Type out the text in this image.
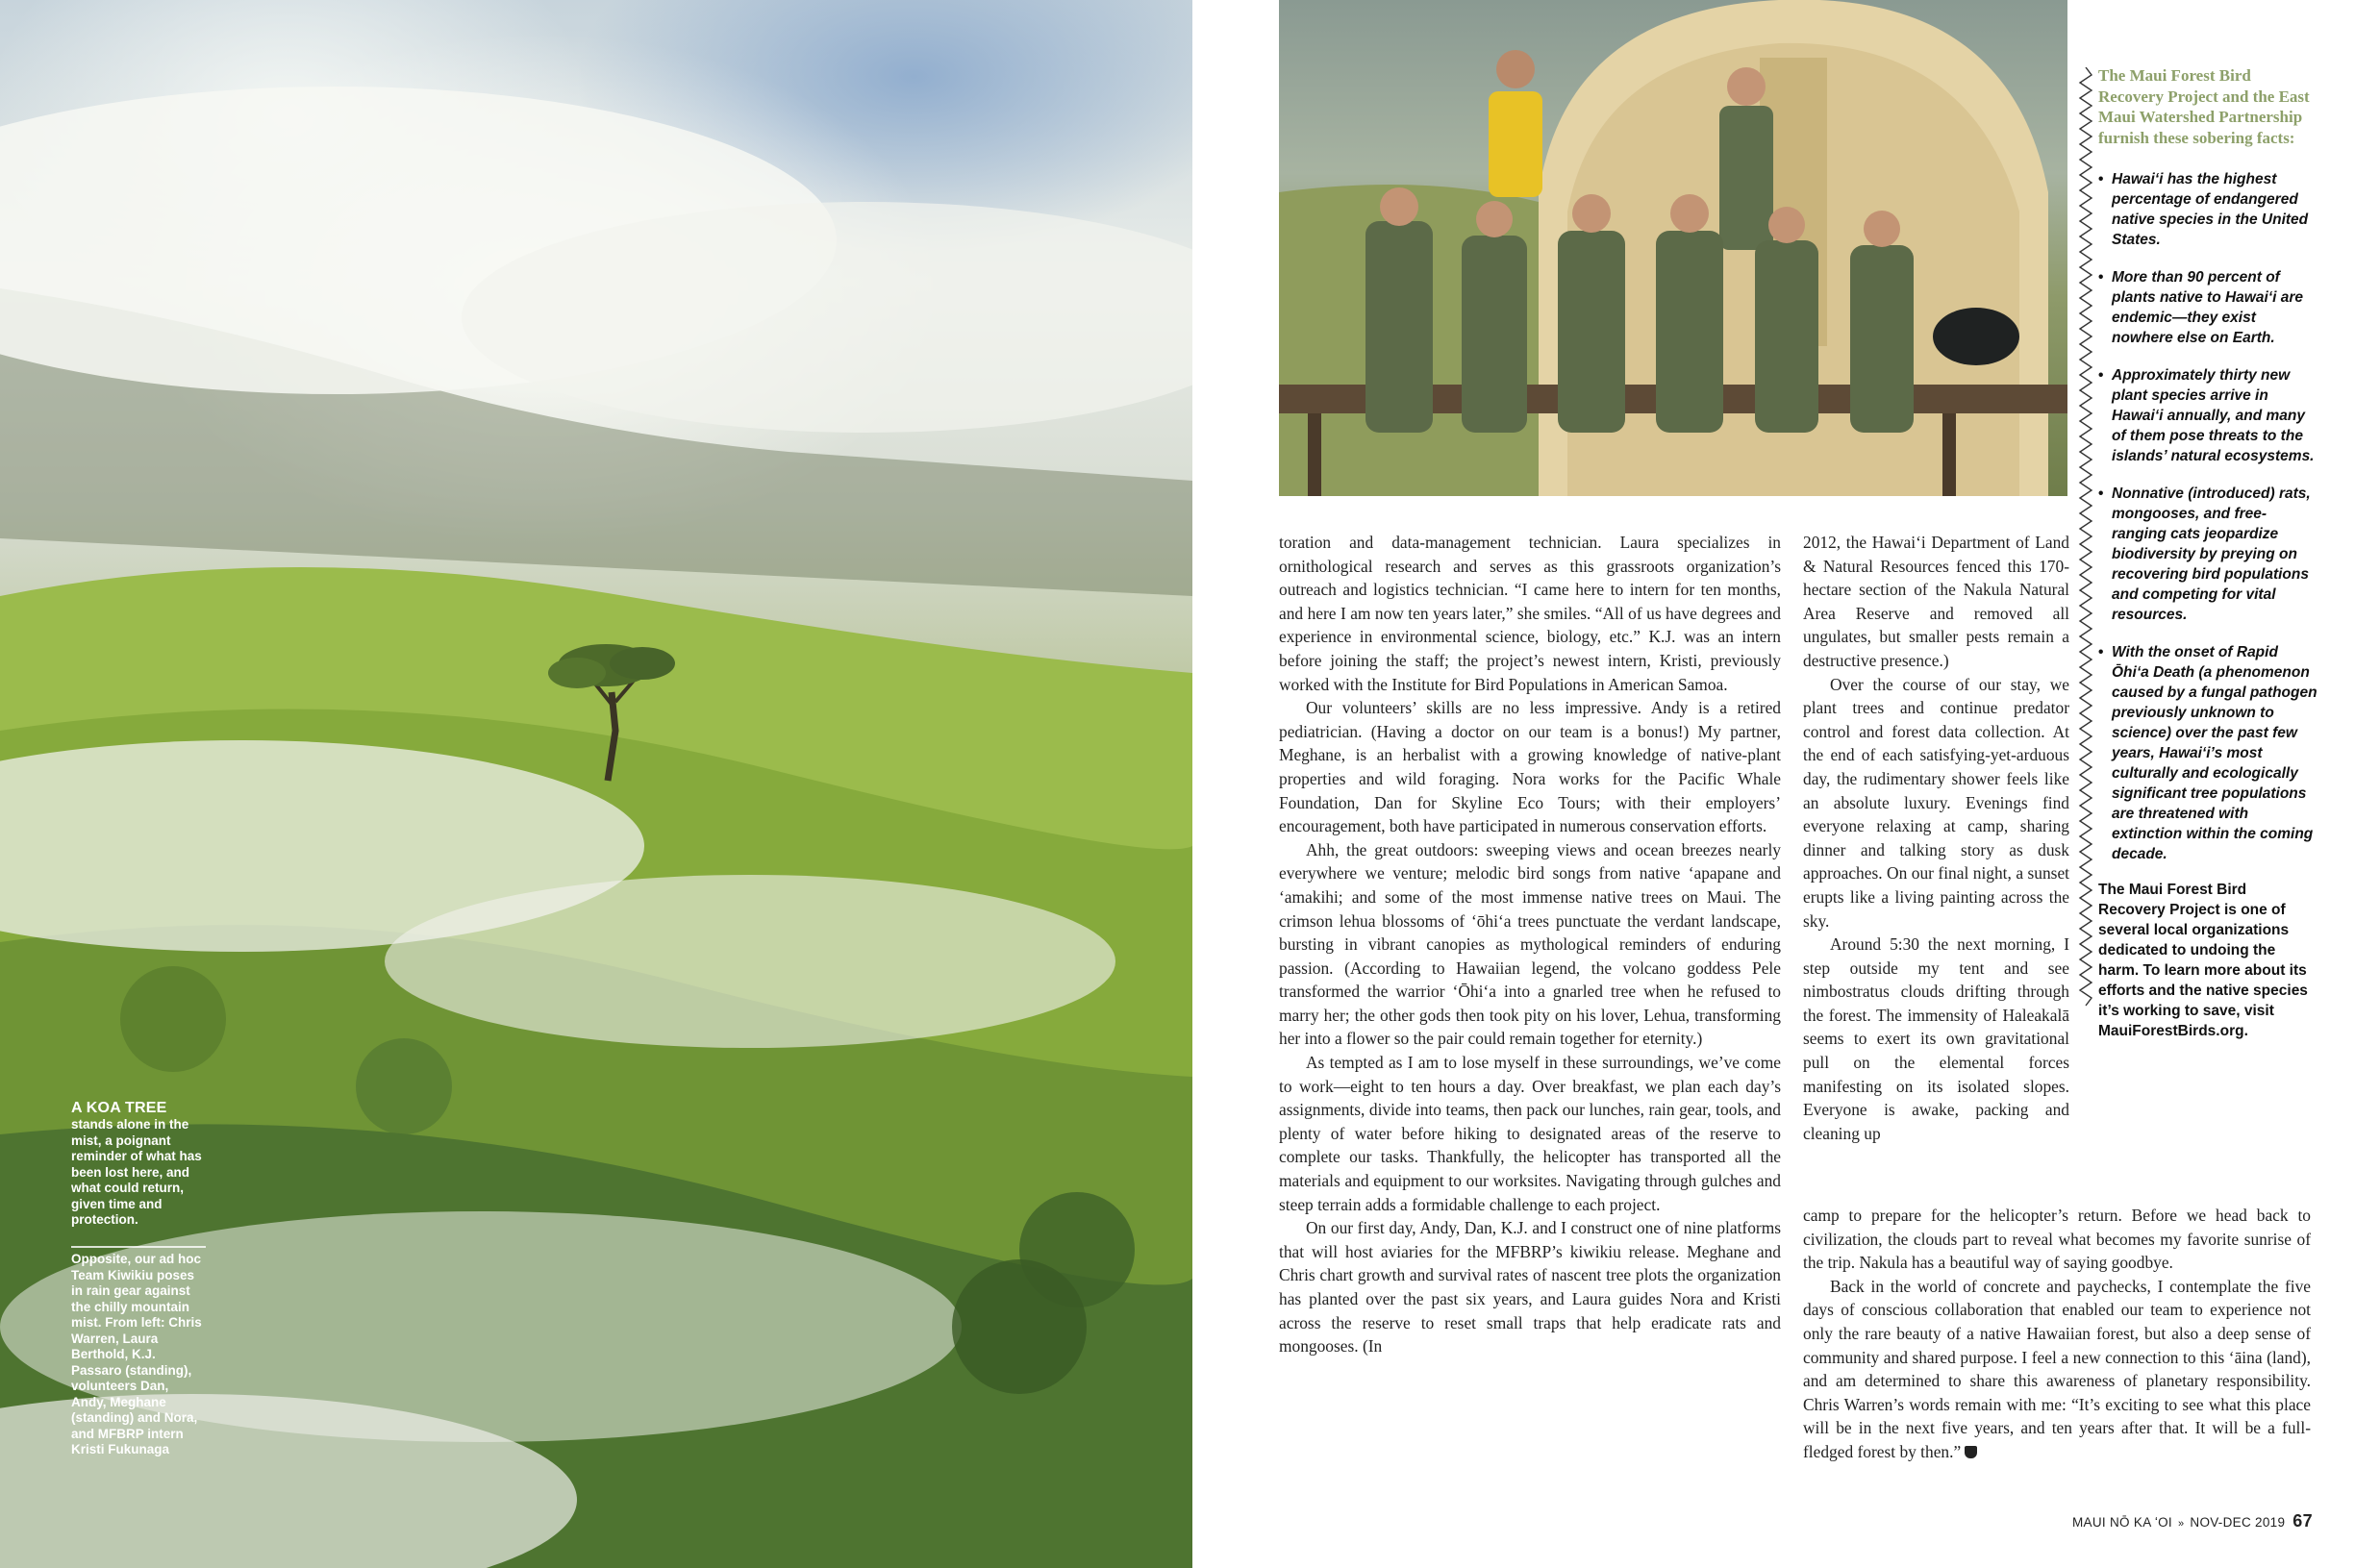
A KOA TREE
stands alone in the mist, a poignant reminder of what has been lost here, and what could return, given time and protection.
Opposite, our ad hoc Team Kiwikiu poses in rain gear against the chilly mountain mist. From left: Chris Warren, Laura Berthold, K.J. Passaro (standing), volunteers Dan, Andy, Meghane (standing) and Nora, and MFBRP intern Kristi Fukunaga

toration and data-management technician. Laura specializes in ornithological research and serves as this grassroots organization’s outreach and logistics technician. “I came here to intern for ten months, and here I am now ten years later,” she smiles. “All of us have degrees and experience in environmental science, biology, etc.” K.J. was an intern before joining the staff; the project’s newest intern, Kristi, previously worked with the Institute for Bird Populations in American Samoa.

Our volunteers’ skills are no less impressive. Andy is a retired pediatrician. (Having a doctor on our team is a bonus!) My partner, Meghane, is an herbalist with a growing knowledge of native-plant properties and wild foraging. Nora works for the Pacific Whale Foundation, Dan for Skyline Eco Tours; with their employers’ encouragement, both have participated in numerous conservation efforts.

Ahh, the great outdoors: sweeping views and ocean breezes nearly everywhere we venture; melodic bird songs from native ʻapapane and ʻamakihi; and some of the most immense native trees on Maui. The crimson lehua blossoms of ʻōhiʻa trees punctuate the verdant landscape, bursting in vibrant canopies as mythological reminders of enduring passion. (According to Hawaiian legend, the volcano goddess Pele transformed the warrior ʻŌhiʻa into a gnarled tree when he refused to marry her; the other gods then took pity on his lover, Lehua, transforming her into a flower so the pair could remain together for eternity.)

As tempted as I am to lose myself in these surroundings, we’ve come to work—eight to ten hours a day. Over breakfast, we plan each day’s assignments, divide into teams, then pack our lunches, rain gear, tools, and plenty of water before hiking to designated areas of the reserve to complete our tasks. Thankfully, the helicopter has transported all the materials and equipment to our worksites. Navigating through gulches and steep terrain adds a formidable challenge to each project.

On our first day, Andy, Dan, K.J. and I construct one of nine platforms that will host aviaries for the MFBRP’s kiwikiu release. Meghane and Chris chart growth and survival rates of nascent tree plots the organization has planted over the past six years, and Laura guides Nora and Kristi across the reserve to reset small traps that help eradicate rats and mongooses. (In

2012, the Hawaiʻi Department of Land & Natural Resources fenced this 170-hectare section of the Nakula Natural Area Reserve and removed all ungulates, but smaller pests remain a destructive presence.)

Over the course of our stay, we plant trees and continue predator control and forest data collection. At the end of each satisfying-yet-arduous day, the rudimentary shower feels like an absolute luxury. Evenings find everyone relaxing at camp, sharing dinner and talking story as dusk approaches. On our final night, a sunset erupts like a living painting across the sky.

Around 5:30 the next morning, I step outside my tent and see nimbostratus clouds drifting through the forest. The immensity of Haleakalā seems to exert its own gravitational pull on the elemental forces manifesting on its isolated slopes. Everyone is awake, packing and cleaning up

camp to prepare for the helicopter’s return. Before we head back to civilization, the clouds part to reveal what becomes my favorite sunrise of the trip. Nakula has a beautiful way of saying goodbye.

Back in the world of concrete and paychecks, I contemplate the five days of conscious collaboration that enabled our team to experience not only the rare beauty of a native Hawaiian forest, but also a deep sense of community and shared purpose. I feel a new connection to this ʻāina (land), and am determined to share this awareness of planetary responsibility. Chris Warren’s words remain with me: “It’s exciting to see what this place will be in the next five years, and ten years after that. It will be a full-fledged forest by then.”

The Maui Forest Bird Recovery Project and the East Maui Watershed Partnership furnish these sobering facts:

• Hawaiʻi has the highest percentage of endangered native species in the United States.
• More than 90 percent of plants native to Hawaiʻi are endemic—they exist nowhere else on Earth.
• Approximately thirty new plant species arrive in Hawaiʻi annually, and many of them pose threats to the islands’ natural ecosystems.
• Nonnative (introduced) rats, mongooses, and free-ranging cats jeopardize biodiversity by preying on recovering bird populations and competing for vital resources.
• With the onset of Rapid Ōhiʻa Death (a phenomenon caused by a fungal pathogen previously unknown to science) over the past few years, Hawaiʻi’s most culturally and ecologically significant tree populations are threatened with extinction within the coming decade.

The Maui Forest Bird Recovery Project is one of several local organizations dedicated to undoing the harm. To learn more about its efforts and the native species it’s working to save, visit MauiForestBirds.org.

MAUI NŌ KA ʻOI » NOV-DEC 2019 67
